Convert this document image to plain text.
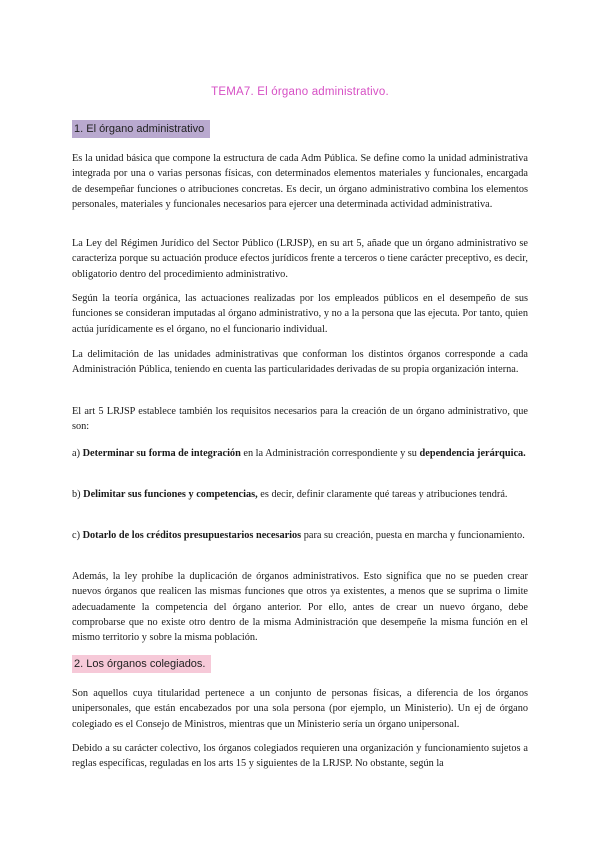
TEMA7. El órgano administrativo.
1. El órgano administrativo

Es la unidad básica que compone la estructura de cada Adm Pública. Se define como la unidad administrativa integrada por una o varias personas físicas, con determinados elementos materiales y funcionales, encargada de desempeñar funciones o atribuciones concretas. Es decir, un órgano administrativo combina los elementos personales, materiales y funcionales necesarios para ejercer una determinada actividad administrativa.

La Ley del Régimen Jurídico del Sector Público (LRJSP), en su art 5, añade que un órgano administrativo se caracteriza porque su actuación produce efectos jurídicos frente a terceros o tiene carácter preceptivo, es decir, obligatorio dentro del procedimiento administrativo.

Según la teoría orgánica, las actuaciones realizadas por los empleados públicos en el desempeño de sus funciones se consideran imputadas al órgano administrativo, y no a la persona que las ejecuta. Por tanto, quien actúa jurídicamente es el órgano, no el funcionario individual.

La delimitación de las unidades administrativas que conforman los distintos órganos corresponde a cada Administración Pública, teniendo en cuenta las particularidades derivadas de su propia organización interna.

El art 5 LRJSP establece también los requisitos necesarios para la creación de un órgano administrativo, que son:

a) Determinar su forma de integración en la Administración correspondiente y su dependencia jerárquica.

b) Delimitar sus funciones y competencias, es decir, definir claramente qué tareas y atribuciones tendrá.

c) Dotarlo de los créditos presupuestarios necesarios para su creación, puesta en marcha y funcionamiento.

Además, la ley prohíbe la duplicación de órganos administrativos. Esto significa que no se pueden crear nuevos órganos que realicen las mismas funciones que otros ya existentes, a menos que se suprima o limite adecuadamente la competencia del órgano anterior. Por ello, antes de crear un nuevo órgano, debe comprobarse que no existe otro dentro de la misma Administración que desempeñe la misma función en el mismo territorio y sobre la misma población.

2. Los órganos colegiados.

Son aquellos cuya titularidad pertenece a un conjunto de personas físicas, a diferencia de los órganos unipersonales, que están encabezados por una sola persona (por ejemplo, un Ministerio). Un ej de órgano colegiado es el Consejo de Ministros, mientras que un Ministerio sería un órgano unipersonal.

Debido a su carácter colectivo, los órganos colegiados requieren una organización y funcionamiento sujetos a reglas específicas, reguladas en los arts 15 y siguientes de la LRJSP. No obstante, según la
